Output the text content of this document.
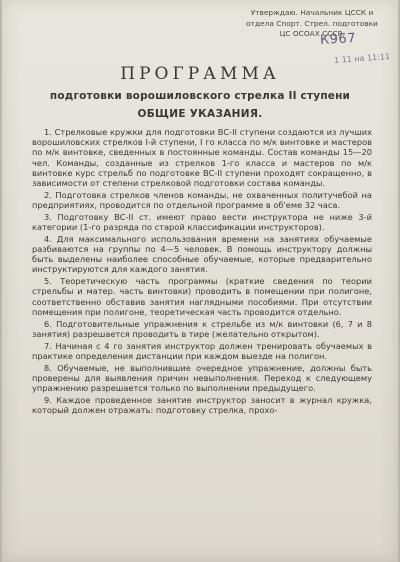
Утверждаю. Начальник ЦССК и
отдела Спорт. Стрел. подготовки
ЦС ОСОАХ СССР.
К967
1 11 на 11:11
ПРОГРАММА
подготовки ворошиловского стрелка II ступени
ОБЩИЕ УКАЗАНИЯ.

1. Стрелковые кружки для подготовки ВС-II ступени создаются из лучших ворошиловских стрелков I-й ступени, I го класса по м/к винтовке и мастеров по м/к винтовке, сведенных в постоянные команды. Состав команды 15—20 чел. Команды, созданные из стрелков 1-го класса и мастеров по м/к винтовке курс стрельб по подготовке ВС-II ступени проходят сокращенно, в зависимости от степени стрелковой подготовки состава команды.

2. Подготовка стрелков членов команды, не охваченных политучебой на предприятиях, проводится по отдельной программе в об'еме 32 часа.

3. Подготовку ВС-II ст. имеют право вести инструктора не ниже 3-й категории (1-го разряда по старой классификации инструкторов).

4. Для максимального использования времени на занятиях обучаемые разбиваются на группы по 4—5 человек. В помощь инструктору должны быть выделены наиболее способные обучаемые, которые предварительно инструктируются для каждого занятия.

5. Теоретическую часть программы (краткие сведения по теории стрельбы и матер. часть винтовки) проводить в помещении при полигоне, соответственно обставив занятия наглядными пособиями. При отсутствии помещения при полигоне, теоретическая часть проводится отдельно.

6. Подготовительные упражнения к стрельбе из м/к винтовки (6, 7 и 8 занятия) разрешается проводить в тире (желательно открытом).

7. Начиная с 4 го занятия инструктор должен тренировать обучаемых в практике определения дистанции при каждом выезде на полигон.

8. Обучаемые, не выполнившие очередное упражнение, должны быть проверены для выявления причин невыполнения. Переход к следующему упражнению разрешается только по выполнении предыдущего.

9. Каждое проведенное занятие инструктор заносит в журнал кружка, который должен отражать: подготовку стрелка, прохо-
